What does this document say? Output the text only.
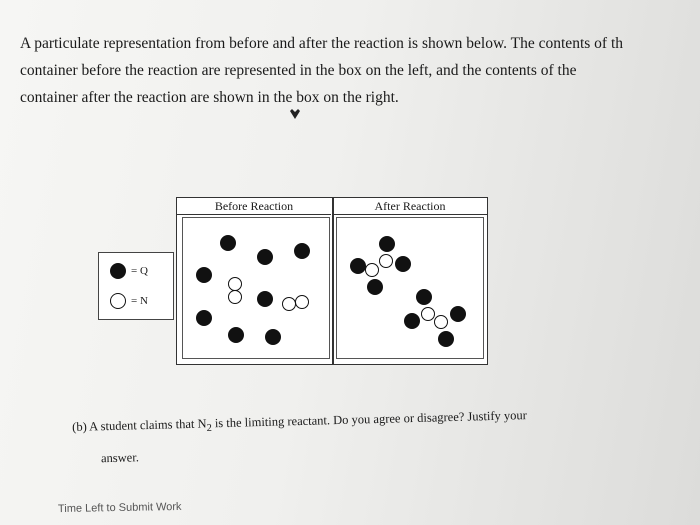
A particulate representation from before and after the reaction is shown below. The contents of th

container before the reaction are represented in the box on the left, and the contents of the

container after the reaction are shown in the box on the right.

= Q
= N
Before Reaction	After Reaction
(b) A student claims that $N_2$ is the limiting reactant. Do you agree or disagree? Justify your
answer.
Time Left to Submit Work
